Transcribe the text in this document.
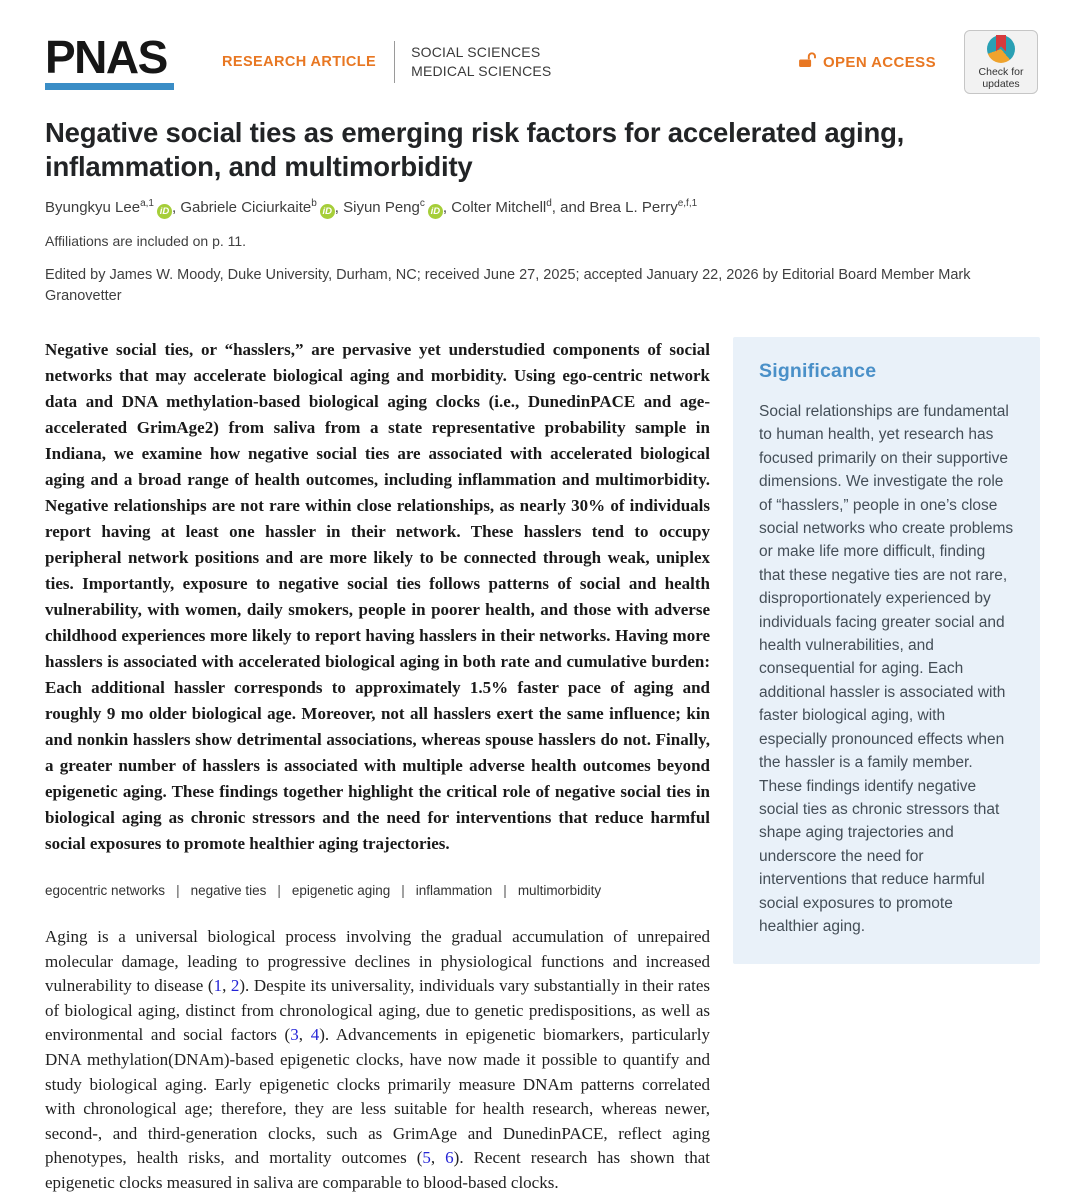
PNAS	RESEARCH ARTICLE
SOCIAL SCIENCES
MEDICAL SCIENCES
OPEN ACCESS
Check for
updates
Negative social ties as emerging risk factors for accelerated aging, inflammation, and multimorbidity
Byungkyu Lee$^{a,1}$iD , Gabriele Ciciurkaite$^b$iD , Siyun Peng$^c$iD , Colter Mitchell$^d$, and Brea L. Perry$^{e,f,1}$
Affiliations are included on p. 11.
Edited by James W. Moody, Duke University, Durham, NC; received June 27, 2025; accepted January 22, 2026 by Editorial Board Member Mark Granovetter
Negative social ties, or “hasslers,” are pervasive yet understudied components of social networks that may accelerate biological aging and morbidity. Using ego-centric network data and DNA methylation-based biological aging clocks (i.e., DunedinPACE and age-accelerated GrimAge2) from saliva from a state representative probability sample in Indiana, we examine how negative social ties are associated with accelerated biological aging and a broad range of health outcomes, including inflammation and multimorbidity. Negative relationships are not rare within close relationships, as nearly 30% of individuals report having at least one hassler in their network. These hasslers tend to occupy peripheral network positions and are more likely to be connected through weak, uniplex ties. Importantly, exposure to negative social ties follows patterns of social and health vulnerability, with women, daily smokers, people in poorer health, and those with adverse childhood experiences more likely to report having hasslers in their networks. Having more hasslers is associated with accelerated biological aging in both rate and cumulative burden: Each additional hassler corresponds to approximately 1.5% faster pace of aging and roughly 9 mo older biological age. Moreover, not all hasslers exert the same influence; kin and nonkin hasslers show detrimental associations, whereas spouse hasslers do not. Finally, a greater number of hasslers is associated with multiple adverse health outcomes beyond epigenetic aging. These findings together highlight the critical role of negative social ties in biological aging as chronic stressors and the need for interventions that reduce harmful social exposures to promote healthier aging trajectories.
egocentric networks | negative ties | epigenetic aging | inflammation | multimorbidity
Aging is a universal biological process involving the gradual accumulation of unrepaired molecular damage, leading to progressive declines in physiological functions and increased vulnerability to disease (1, 2). Despite its universality, individuals vary substantially in their rates of biological aging, distinct from chronological aging, due to genetic predispositions, as well as environmental and social factors (3, 4). Advancements in epigenetic biomarkers, particularly DNA methylation(DNAm)-based epigenetic clocks, have now made it possible to quantify and study biological aging. Early epigenetic clocks primarily measure DNAm patterns correlated with chronological age; therefore, they are less suitable for health research, whereas newer, second-, and third-generation clocks, such as GrimAge and DunedinPACE, reflect aging phenotypes, health risks, and mortality outcomes (5, 6). Recent research has shown that epigenetic clocks measured in saliva are comparable to blood-based clocks.
Significance
Social relationships are fundamental to human health, yet research has focused primarily on their supportive dimensions. We investigate the role of “hasslers,” people in one’s close social networks who create problems or make life more difficult, finding that these negative ties are not rare, disproportionately experienced by individuals facing greater social and health vulnerabilities, and consequential for aging. Each additional hassler is associated with faster biological aging, with especially pronounced effects when the hassler is a family member. These findings identify negative social ties as chronic stressors that shape aging trajectories and underscore the need for interventions that reduce harmful social exposures to promote healthier aging.
